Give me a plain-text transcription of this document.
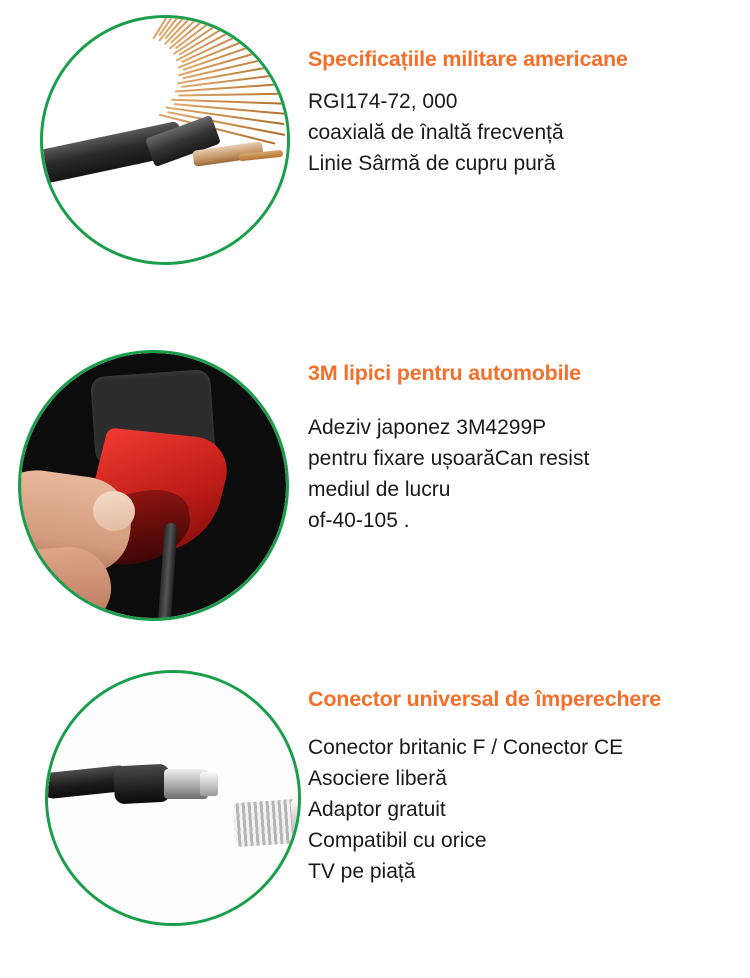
Specificațiile militare americane
RGI174-72, 000
coaxială de înaltă frecvență
Linie Sârmă de cupru pură
3M lipici pentru automobile
Adeziv japonez 3M4299P
pentru fixare ușoarăCan resist
mediul de lucru
of-40-105 .
Conector universal de împerechere
Conector britanic F / Conector CE
Asociere liberă
Adaptor gratuit
Compatibil cu orice
TV pe piață
